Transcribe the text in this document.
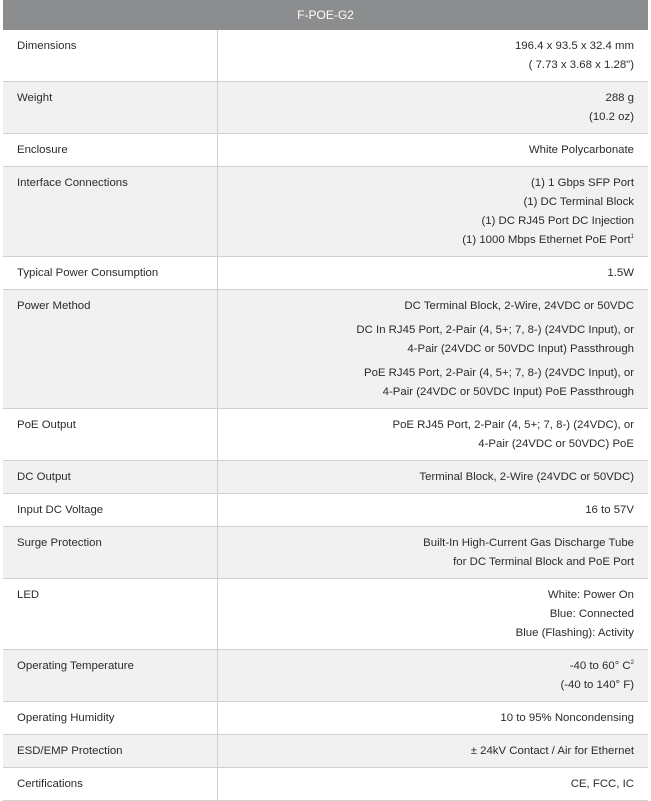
F-POE-G2
Dimensions	196.4 x 93.5 x 32.4 mm
( 7.73 x 3.68 x 1.28")

Weight	288 g
(10.2 oz)

Enclosure	White Polycarbonate

Interface Connections	(1) 1 Gbps SFP Port
(1) DC Terminal Block
(1) DC RJ45 Port DC Injection
(1) 1000 Mbps Ethernet PoE Port$^1$

Typical Power Consumption	1.5W

Power Method	DC Terminal Block, 2-Wire, 24VDC or 50VDC
DC In RJ45 Port, 2-Pair (4, 5+; 7, 8-) (24VDC Input), or
4-Pair (24VDC or 50VDC Input) Passthrough
PoE RJ45 Port, 2-Pair (4, 5+; 7, 8-) (24VDC Input), or
4-Pair (24VDC or 50VDC Input) PoE Passthrough

PoE Output	PoE RJ45 Port, 2-Pair (4, 5+; 7, 8-) (24VDC), or
4-Pair (24VDC or 50VDC) PoE

DC Output	Terminal Block, 2-Wire (24VDC or 50VDC)

Input DC Voltage	16 to 57V

Surge Protection	Built-In High-Current Gas Discharge Tube
for DC Terminal Block and PoE Port

LED	White: Power On
Blue: Connected
Blue (Flashing): Activity

Operating Temperature	-40 to 60° $C^2$
(-40 to 140° F)

Operating Humidity	10 to 95% Noncondensing

ESD/EMP Protection	± 24kV Contact / Air for Ethernet

Certifications	CE, FCC, IC
